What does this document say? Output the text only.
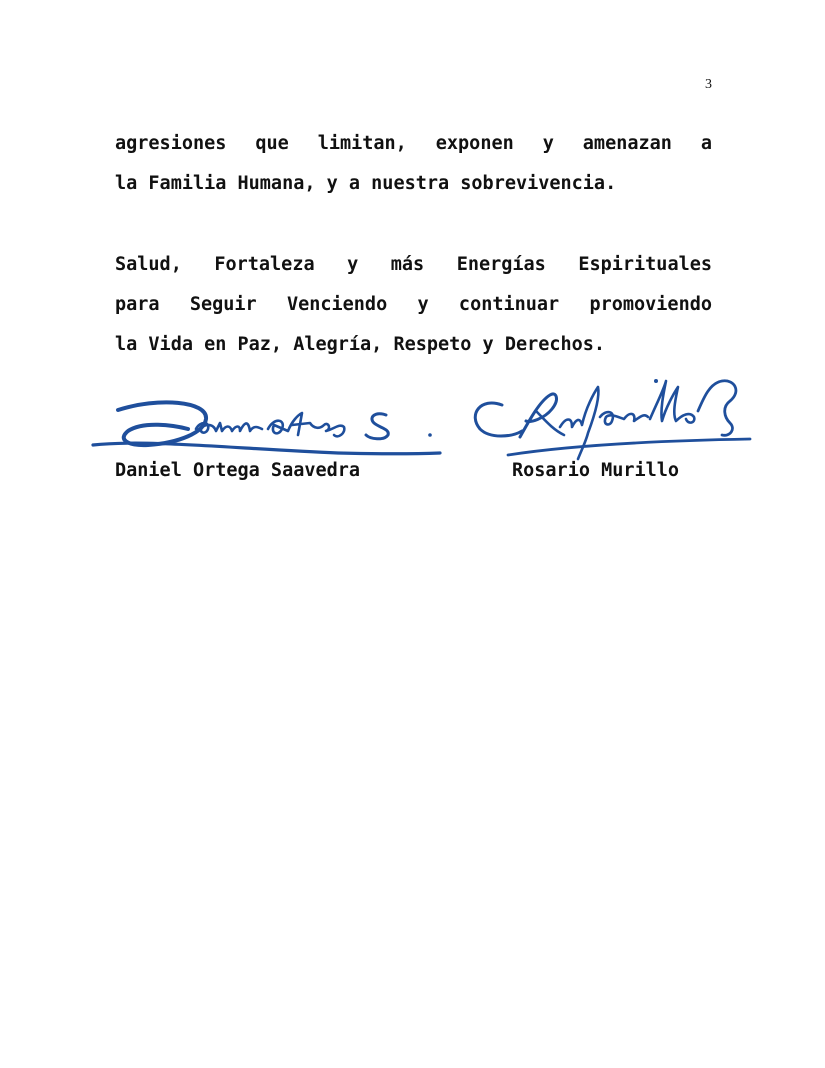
3
agresiones que limitan, exponen y amenazan a
la Familia Humana, y a nuestra sobrevivencia.
Salud, Fortaleza y más Energías Espirituales
para Seguir Venciendo y continuar promoviendo
la Vida en Paz, Alegría, Respeto y Derechos.
Daniel Ortega Saavedra	Rosario Murillo
